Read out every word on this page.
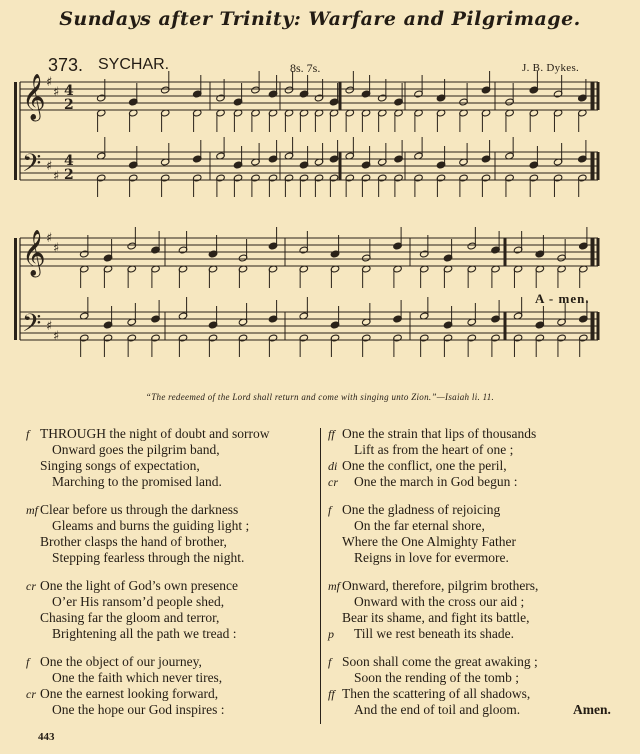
Sundays after Trinity: Warfare and Pilgrimage.
373. SYCHAR.	8s. 7s.	J. B. Dykes.
𝄞
𝄢
♯
♯
♯
♯
4
2
4
2
𝄞
𝄢
♯
♯
♯
♯
A - men.
“The redeemed of the Lord shall return and come with singing unto Zion.”—Isaiah li. 11.
f THROUGH the night of doubt and sorrow
Onward goes the pilgrim band,
Singing songs of expectation,
Marching to the promised land.
mf Clear before us through the darkness
Gleams and burns the guiding light ;
Brother clasps the hand of brother,
Stepping fearless through the night.
cr One the light of God’s own presence
O’er His ransom’d people shed,
Chasing far the gloom and terror,
Brightening all the path we tread :
f One the object of our journey,
One the faith which never tires,
cr One the earnest looking forward,
One the hope our God inspires :
ff One the strain that lips of thousands
Lift as from the heart of one ;
di One the conflict, one the peril,
cr One the march in God begun :
f One the gladness of rejoicing
On the far eternal shore,
Where the One Almighty Father
Reigns in love for evermore.
mf Onward, therefore, pilgrim brothers,
Onward with the cross our aid ;
Bear its shame, and fight its battle,
p Till we rest beneath its shade.
f Soon shall come the great awaking ;
Soon the rending of the tomb ;
ff Then the scattering of all shadows,
And the end of toil and gloom.	Amen.
443
